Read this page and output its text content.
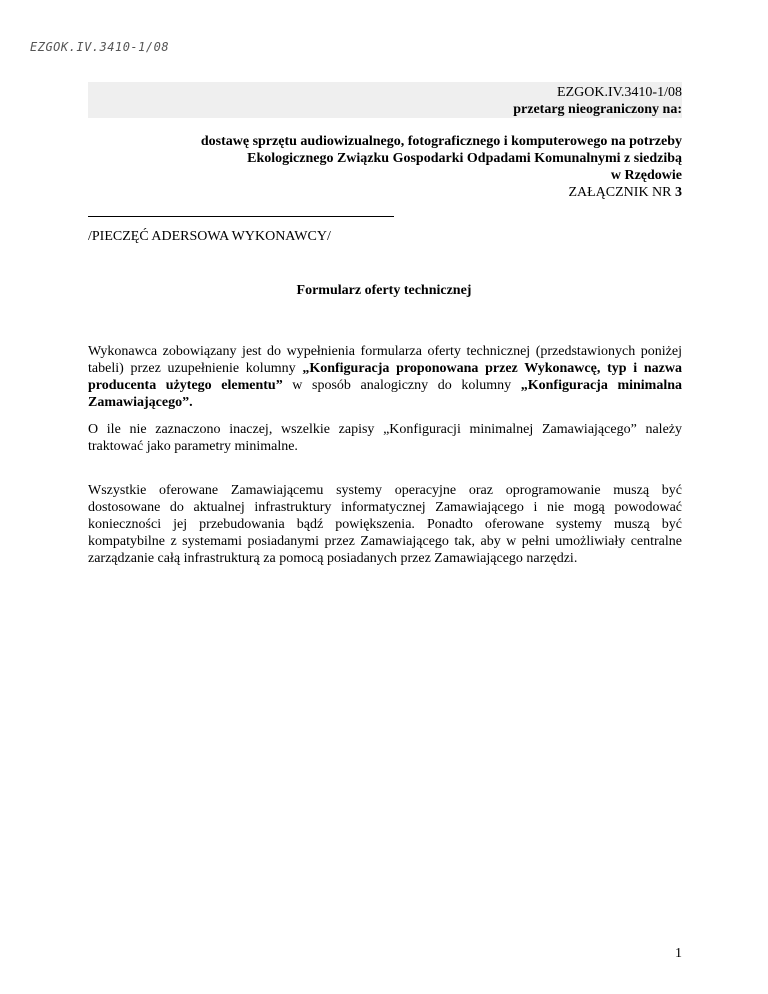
EZGOK.IV.3410-1/08
EZGOK.IV.3410-1/08
przetarg nieograniczony na:
dostawę sprzętu audiowizualnego, fotograficznego i komputerowego na potrzeby
Ekologicznego Związku Gospodarki Odpadami Komunalnymi z siedzibą
w Rzędowie
ZAŁĄCZNIK NR 3
/PIECZĘĆ ADERSOWA WYKONAWCY/
Formularz oferty technicznej
Wykonawca zobowiązany jest do wypełnienia formularza oferty technicznej (przedstawionych poniżej tabeli) przez uzupełnienie kolumny „Konfiguracja proponowana przez Wykonawcę, typ i nazwa producenta użytego elementu” w sposób analogiczny do kolumny „Konfiguracja minimalna Zamawiającego”.
O ile nie zaznaczono inaczej, wszelkie zapisy „Konfiguracji minimalnej Zamawiającego” należy traktować jako parametry minimalne.
Wszystkie oferowane Zamawiającemu systemy operacyjne oraz oprogramowanie muszą być dostosowane do aktualnej infrastruktury informatycznej Zamawiającego i nie mogą powodować konieczności jej przebudowania bądź powiększenia. Ponadto oferowane systemy muszą być kompatybilne z systemami posiadanymi przez Zamawiającego tak, aby w pełni umożliwiały centralne zarządzanie całą infrastrukturą za pomocą posiadanych przez Zamawiającego narzędzi.
1
